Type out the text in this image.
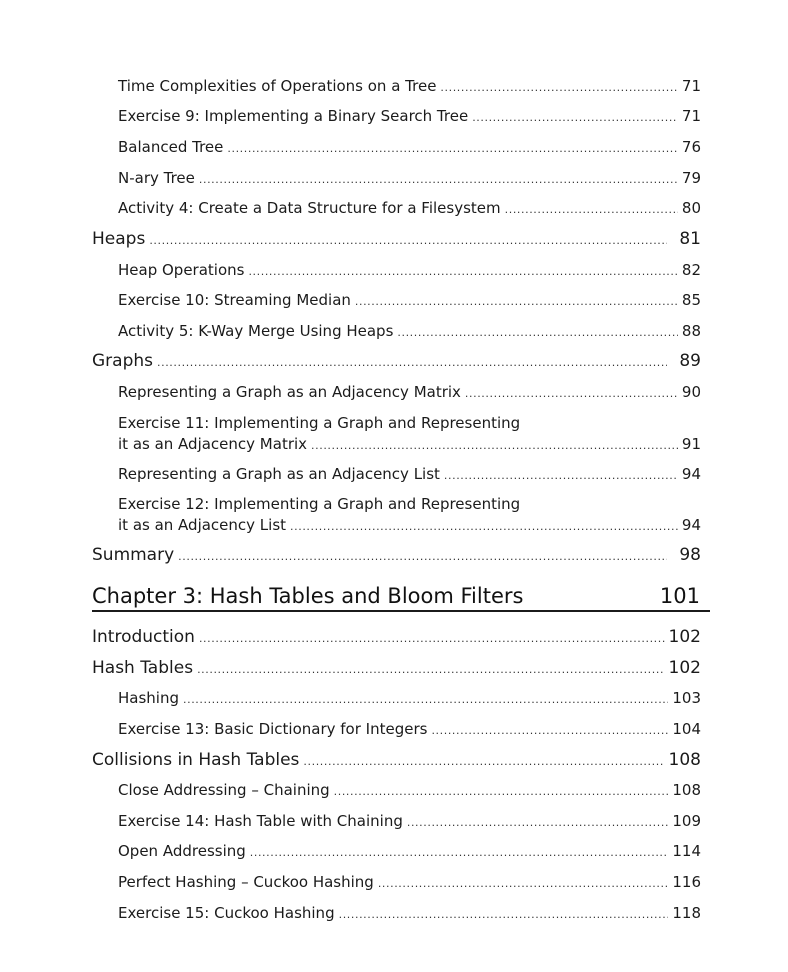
Time Complexities of Operations on a Tree .....	71
Exercise 9: Implementing a Binary Search Tree .....	71
Balanced Tree .....	76
N-ary Tree .....	79
Activity 4: Create a Data Structure for a Filesystem .....	80
Heaps .....	81
Heap Operations .....	82
Exercise 10: Streaming Median .....	85
Activity 5: K-Way Merge Using Heaps .....	88
Graphs .....	89
Representing a Graph as an Adjacency Matrix .....	90
Exercise 11: Implementing a Graph and Representing
it as an Adjacency Matrix .....	91
Representing a Graph as an Adjacency List .....	94
Exercise 12: Implementing a Graph and Representing
it as an Adjacency List .....	94
Summary .....	98
Chapter 3: Hash Tables and Bloom Filters	101
Introduction .....	102
Hash Tables .....	102
Hashing .....	103
Exercise 13: Basic Dictionary for Integers .....	104
Collisions in Hash Tables .....	108
Close Addressing – Chaining .....	108
Exercise 14: Hash Table with Chaining .....	109
Open Addressing .....	114
Perfect Hashing – Cuckoo Hashing .....	116
Exercise 15: Cuckoo Hashing .....	118
